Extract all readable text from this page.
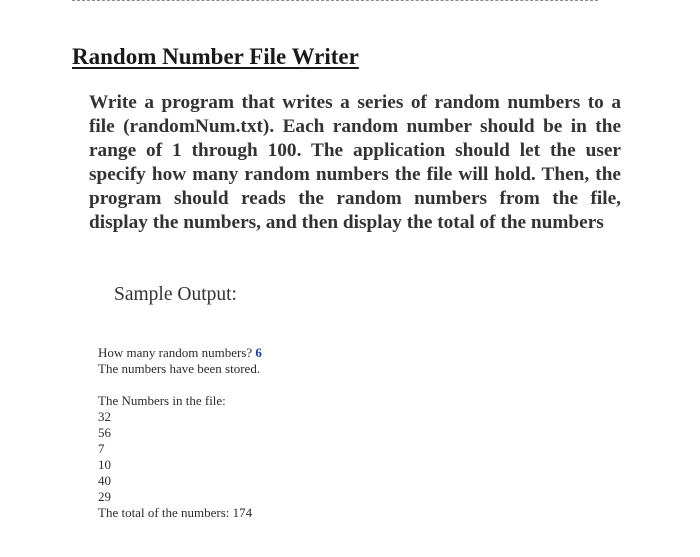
Random Number File Writer

Write a program that writes a series of random numbers to a file (randomNum.txt). Each random number should be in the range of 1 through 100. The application should let the user specify how many random numbers the file will hold. Then, the program should reads the random numbers from the file, display the numbers, and then display the total of the numbers

Sample Output:

How many random numbers? 6
The numbers have been stored.
The Numbers in the file:
32
56
7
10
40
29
The total of the numbers: 174
